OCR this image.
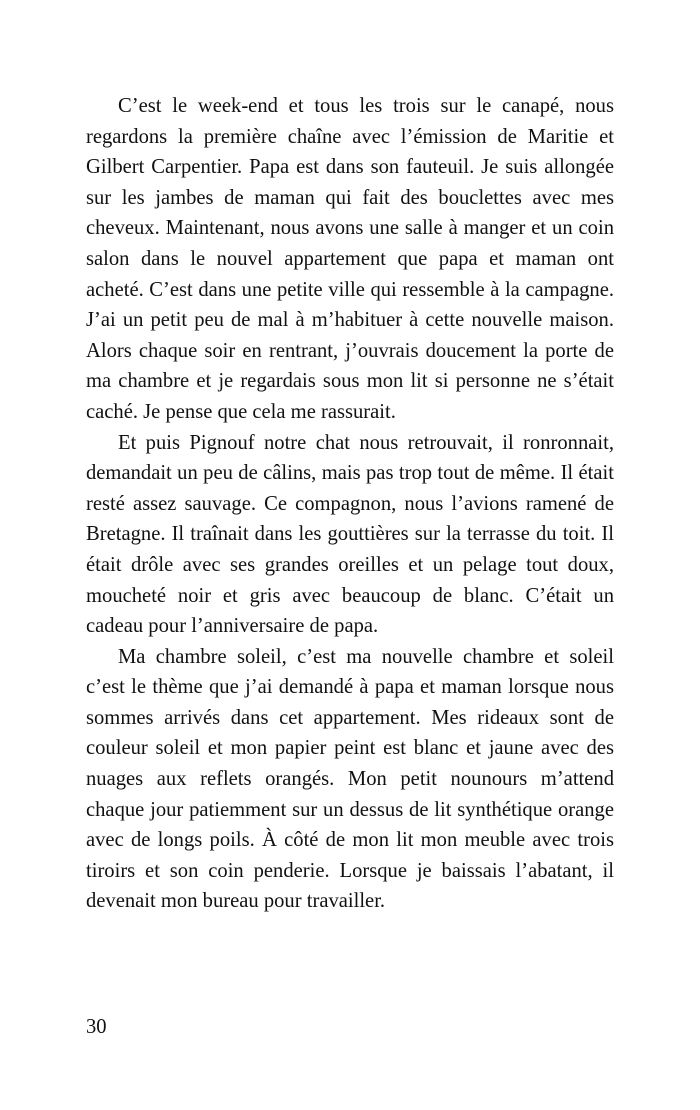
C’est le week-end et tous les trois sur le canapé, nous regardons la première chaîne avec l’émission de Maritie et Gilbert Carpentier. Papa est dans son fauteuil. Je suis allongée sur les jambes de maman qui fait des bouclettes avec mes cheveux. Maintenant, nous avons une salle à manger et un coin salon dans le nouvel appartement que papa et maman ont acheté. C’est dans une petite ville qui ressemble à la campagne. J’ai un petit peu de mal à m’habituer à cette nouvelle maison. Alors chaque soir en rentrant, j’ouvrais doucement la porte de ma chambre et je regardais sous mon lit si personne ne s’était caché. Je pense que cela me rassurait.

Et puis Pignouf notre chat nous retrouvait, il ronronnait, demandait un peu de câlins, mais pas trop tout de même. Il était resté assez sauvage. Ce compagnon, nous l’avions ramené de Bretagne. Il traînait dans les gouttières sur la terrasse du toit. Il était drôle avec ses grandes oreilles et un pelage tout doux, moucheté noir et gris avec beaucoup de blanc. C’était un cadeau pour l’anniversaire de papa.

Ma chambre soleil, c’est ma nouvelle chambre et soleil c’est le thème que j’ai demandé à papa et maman lorsque nous sommes arrivés dans cet appartement. Mes rideaux sont de couleur soleil et mon papier peint est blanc et jaune avec des nuages aux reflets orangés. Mon petit nounours m’attend chaque jour patiemment sur un dessus de lit synthétique orange avec de longs poils. À côté de mon lit mon meuble avec trois tiroirs et son coin penderie. Lorsque je baissais l’abatant, il devenait mon bureau pour travailler.

30
